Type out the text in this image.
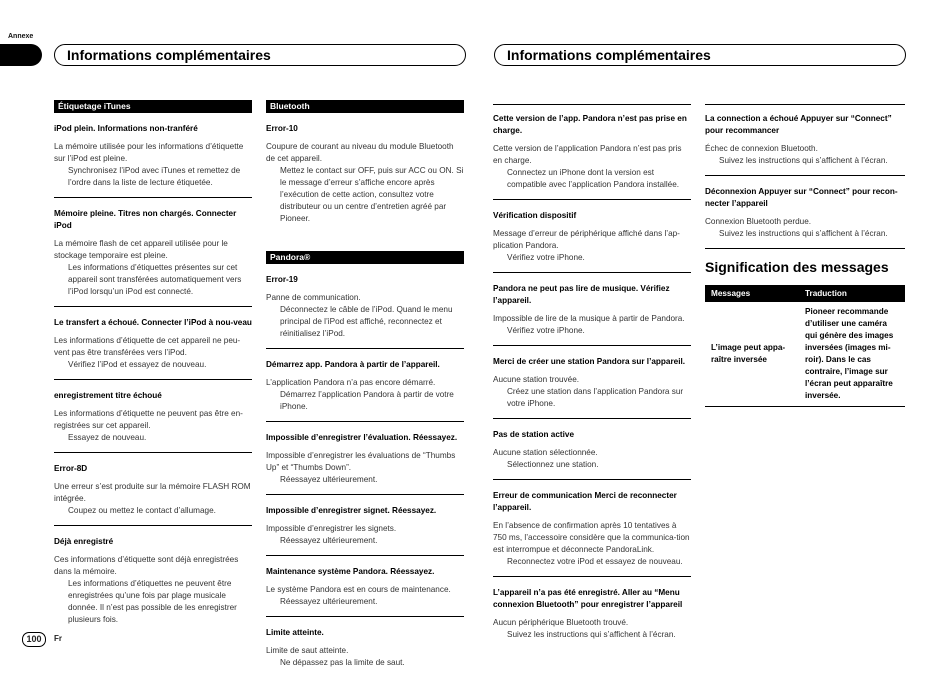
Annexe
Informations complémentaires	Informations complémentaires
Étiquetage iTunes
iPod plein. Informations non-tranféré
La mémoire utilisée pour les informations d’étiquette sur l’iPod est pleine.
Synchronisez l’iPod avec iTunes et remettez de l’ordre dans la liste de lecture étiquetée.
Mémoire pleine. Titres non chargés. Connecter iPod
La mémoire flash de cet appareil utilisée pour le stockage temporaire est pleine.
Les informations d’étiquettes présentes sur cet appareil sont transférées automatiquement vers l’iPod lorsqu’un iPod est connecté.
Le transfert a échoué. Connecter l’iPod à nou-veau
Les informations d’étiquette de cet appareil ne peu-vent pas être transférées vers l’iPod.
Vérifiez l’iPod et essayez de nouveau.
enregistrement titre échoué
Les informations d’étiquette ne peuvent pas être en-registrées sur cet appareil.
Essayez de nouveau.
Error-8D
Une erreur s’est produite sur la mémoire FLASH ROM intégrée.
Coupez ou mettez le contact d’allumage.
Déjà enregistré
Ces informations d’étiquette sont déjà enregistrées dans la mémoire.
Les informations d’étiquettes ne peuvent être enregistrées qu’une fois par plage musicale donnée. Il n’est pas possible de les enregistrer plusieurs fois.
Bluetooth
Error-10
Coupure de courant au niveau du module Bluetooth de cet appareil.
Mettez le contact sur OFF, puis sur ACC ou ON. Si le message d’erreur s’affiche encore après l’exécution de cette action, consultez votre distributeur ou un centre d’entretien agréé par Pioneer.
Pandora®
Error-19
Panne de communication.
Déconnectez le câble de l’iPod. Quand le menu principal de l’iPod est affiché, reconnectez et réinitialisez l’iPod.
Démarrez app. Pandora à partir de l’appareil.
L’application Pandora n’a pas encore démarré.
Démarrez l’application Pandora à partir de votre iPhone.
Impossible d’enregistrer l’évaluation. Réessayez.
Impossible d’enregistrer les évaluations de “Thumbs Up” et “Thumbs Down”.
Réessayez ultérieurement.
Impossible d’enregistrer signet. Réessayez.
Impossible d’enregistrer les signets.
Réessayez ultérieurement.
Maintenance système Pandora. Réessayez.
Le système Pandora est en cours de maintenance.
Réessayez ultérieurement.
Limite atteinte.
Limite de saut atteinte.
Ne dépassez pas la limite de saut.
Cette version de l’app. Pandora n’est pas prise en charge.
Cette version de l’application Pandora n’est pas pris en charge.
Connectez un iPhone dont la version est compatible avec l’application Pandora installée.
Vérification dispositif
Message d’erreur de périphérique affiché dans l’ap-plication Pandora.
Vérifiez votre iPhone.
Pandora ne peut pas lire de musique. Vérifiez l’appareil.
Impossible de lire de la musique à partir de Pandora.
Vérifiez votre iPhone.
Merci de créer une station Pandora sur l’appareil.
Aucune station trouvée.
Créez une station dans l’application Pandora sur votre iPhone.
Pas de station active
Aucune station sélectionnée.
Sélectionnez une station.
Erreur de communication Merci de reconnecter l’appareil.
En l’absence de confirmation après 10 tentatives à 750 ms, l’accessoire considère que la communica-tion est interrompue et déconnecte PandoraLink.
Reconnectez votre iPod et essayez de nouveau.
L’appareil n’a pas été enregistré. Aller au “Menu connexion Bluetooth” pour enregistrer l’appareil
Aucun périphérique Bluetooth trouvé.
Suivez les instructions qui s’affichent à l’écran.
La connection a échoué Appuyer sur “Connect” pour recommancer
Échec de connexion Bluetooth.
Suivez les instructions qui s’affichent à l’écran.
Déconnexion Appuyer sur “Connect” pour recon-necter l’appareil
Connexion Bluetooth perdue.
Suivez les instructions qui s’affichent à l’écran.
Signification des messages
Messages	Traduction
L’image peut appa-raître inversée	Pioneer recommande d’utiliser une caméra qui génère des images inversées (images mi-roir). Dans le cas contraire, l’image sur l’écran peut apparaître inversée.
100	Fr
